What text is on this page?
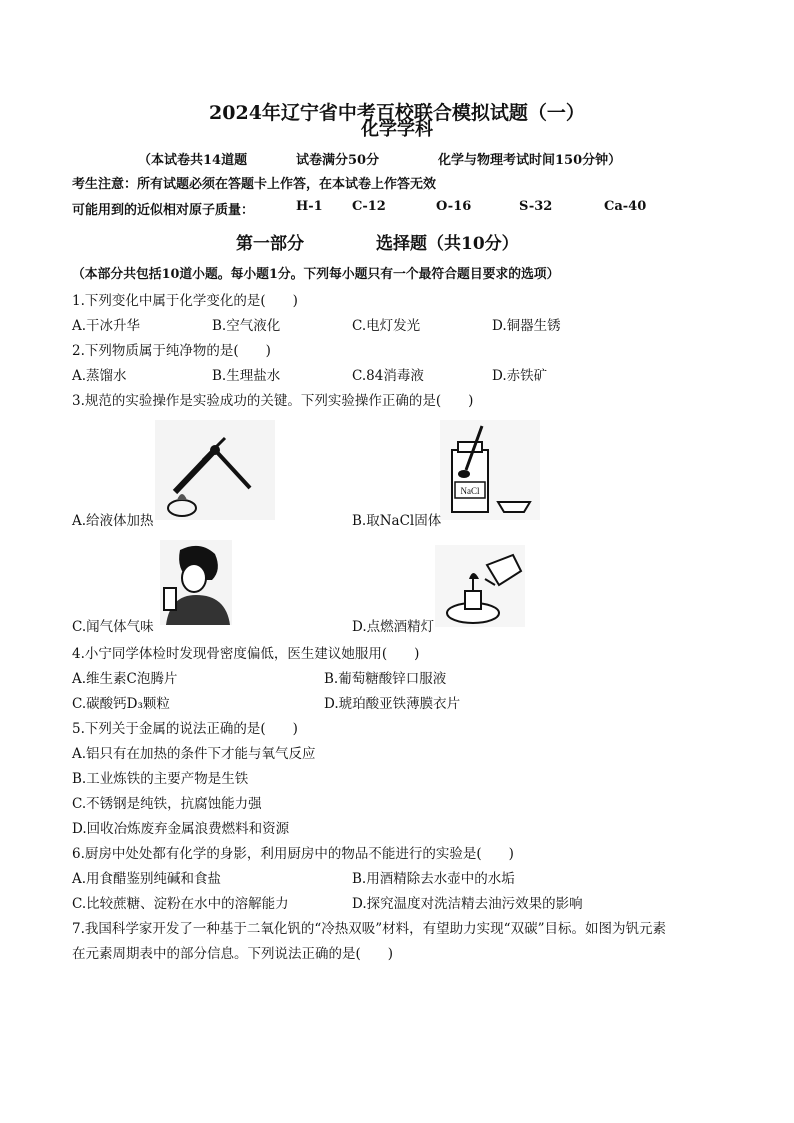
2024年辽宁省中考百校联合模拟试题（一）
化学学科
（本试卷共14道题	试卷满分50分	化学与物理考试时间150分钟）
考生注意：所有试题必须在答题卡上作答，在本试卷上作答无效
可能用到的近似相对原子质量：	H-1 C-12	O-16	S-32	Ca-40
第一部分	选择题（共10分）
（本部分共包括10道小题。每小题1分。下列每小题只有一个最符合题目要求的选项）
1.下列变化中属于化学变化的是(　　)
A.干冰升华	B.空气液化	C.电灯发光	D.铜器生锈
2.下列物质属于纯净物的是(　　)
A.蒸馏水	B.生理盐水	C.84消毒液	D.赤铁矿
3.规范的实验操作是实验成功的关键。下列实验操作正确的是(　　)
A.给液体加热
NaCl
B.取NaCl固体
C.闻气体气味	D.点燃酒精灯
4.小宁同学体检时发现骨密度偏低，医生建议她服用(　　)
A.维生素C泡腾片	B.葡萄糖酸锌口服液
C.碳酸钙D₃颗粒	D.琥珀酸亚铁薄膜衣片
5.下列关于金属的说法正确的是(　　)
A.铝只有在加热的条件下才能与氧气反应
B.工业炼铁的主要产物是生铁
C.不锈钢是纯铁，抗腐蚀能力强
D.回收冶炼废弃金属浪费燃料和资源
6.厨房中处处都有化学的身影，利用厨房中的物品不能进行的实验是(　　)
A.用食醋鉴别纯碱和食盐	B.用酒精除去水壶中的水垢
C.比较蔗糖、淀粉在水中的溶解能力	D.探究温度对洗洁精去油污效果的影响
7.我国科学家开发了一种基于二氧化钒的“冷热双吸”材料，有望助力实现“双碳”目标。如图为钒元素
在元素周期表中的部分信息。下列说法正确的是(　　)
